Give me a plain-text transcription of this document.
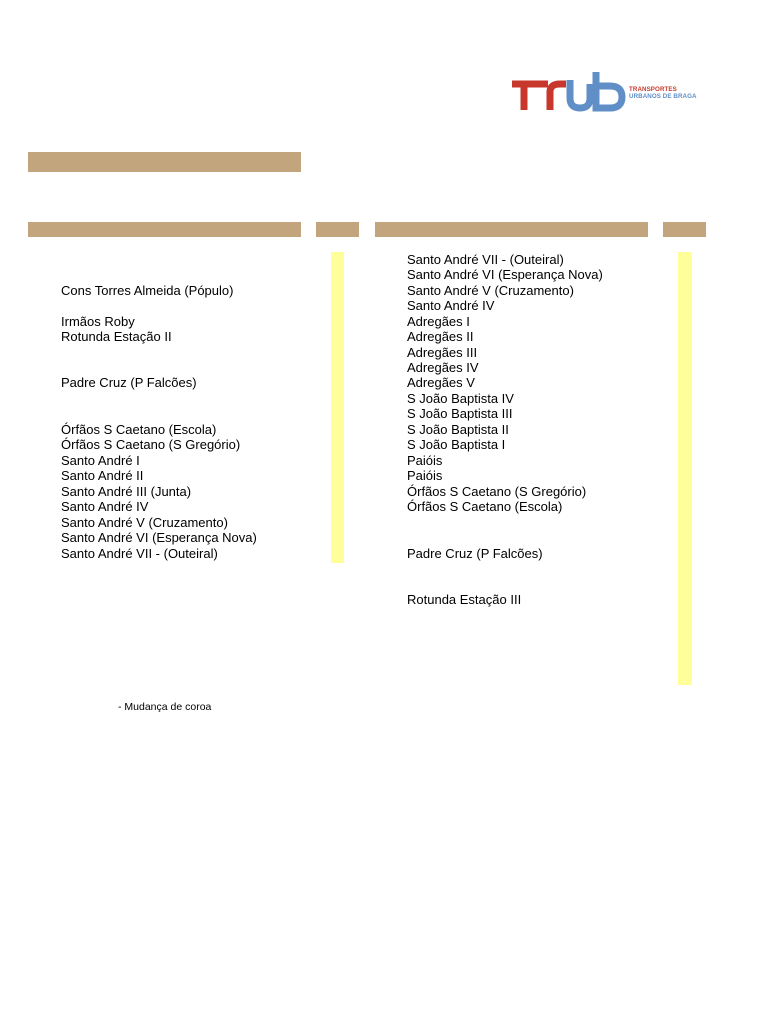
TRANSPORTES
URBANOS DE BRAGA
Cons Torres Almeida (Pópulo)
Irmãos Roby
Rotunda Estação II
Padre Cruz (P Falcões)
Órfãos S Caetano (Escola)
Órfãos S Caetano (S Gregório)
Santo André I
Santo André II
Santo André III (Junta)
Santo André IV
Santo André V (Cruzamento)
Santo André VI (Esperança Nova)
Santo André VII - (Outeiral)
Santo André VII - (Outeiral)
Santo André VI (Esperança Nova)
Santo André V (Cruzamento)
Santo André IV
Adregães I
Adregães II
Adregães III
Adregães IV
Adregães V
S João Baptista IV
S João Baptista III
S João Baptista II
S João Baptista I
Paióis
Paióis
Órfãos S Caetano (S Gregório)
Órfãos S Caetano (Escola)
Padre Cruz (P Falcões)
Rotunda Estação III
- Mudança de coroa
